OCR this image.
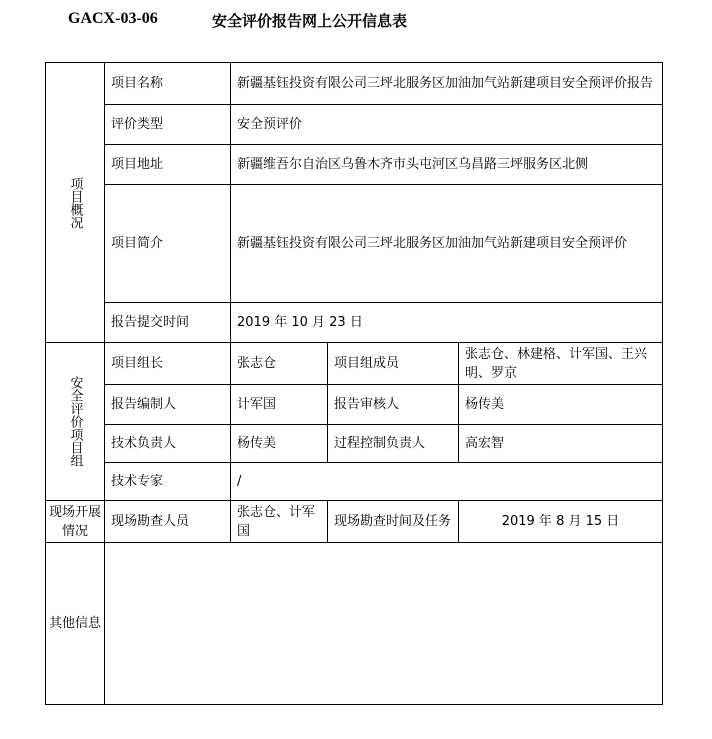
GACX-03-06	安全评价报告网上公开信息表
项目概况	项目名称	新疆基钰投资有限公司三坪北服务区加油加气站新建项目安全预评价报告		
	评价类型	安全预评价		
	项目地址	新疆维吾尔自治区乌鲁木齐市头屯河区乌昌路三坪服务区北侧		
	项目简介	新疆基钰投资有限公司三坪北服务区加油加气站新建项目安全预评价		
	报告提交时间	2019 年 10 月 23 日		
安全评价项目组	项目组长	张志仓	项目组成员	张志仓、林建格、计军国、王兴明、罗京
	报告编制人	计军国	报告审核人	杨传美
	技术负责人	杨传美	过程控制负责人	高宏智
	技术专家	/		
现场开展情况	现场勘查人员	张志仓、计军国	现场勘查时间及任务	2019 年 8 月 15 日
其他信息				
